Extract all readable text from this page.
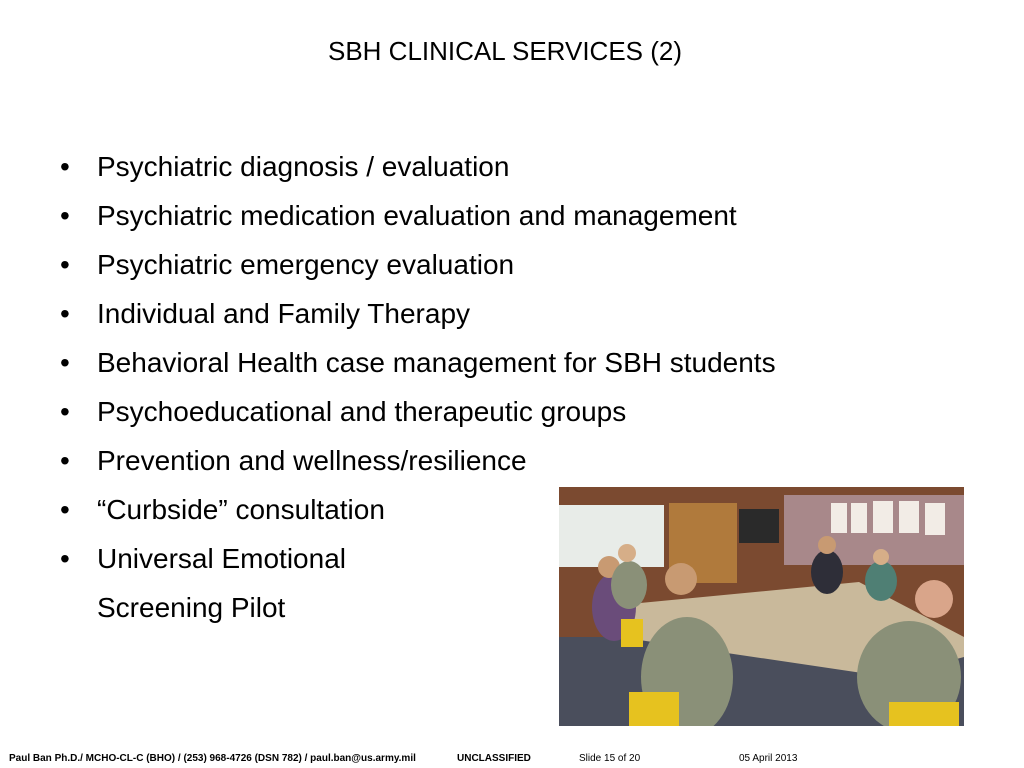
SBH CLINICAL SERVICES (2)
• Psychiatric diagnosis / evaluation
• Psychiatric medication evaluation and management
• Psychiatric emergency evaluation
• Individual and Family Therapy
• Behavioral Health case management for SBH students
• Psychoeducational and therapeutic groups
• Prevention and wellness/resilience
• “Curbside” consultation
• Universal Emotional
Screening Pilot
Paul Ban Ph.D./ MCHO-CL-C (BHO) / (253) 968-4726 (DSN 782) / paul.ban@us.army.mil	UNCLASSIFIED	Slide 15 of 20	05 April 2013
